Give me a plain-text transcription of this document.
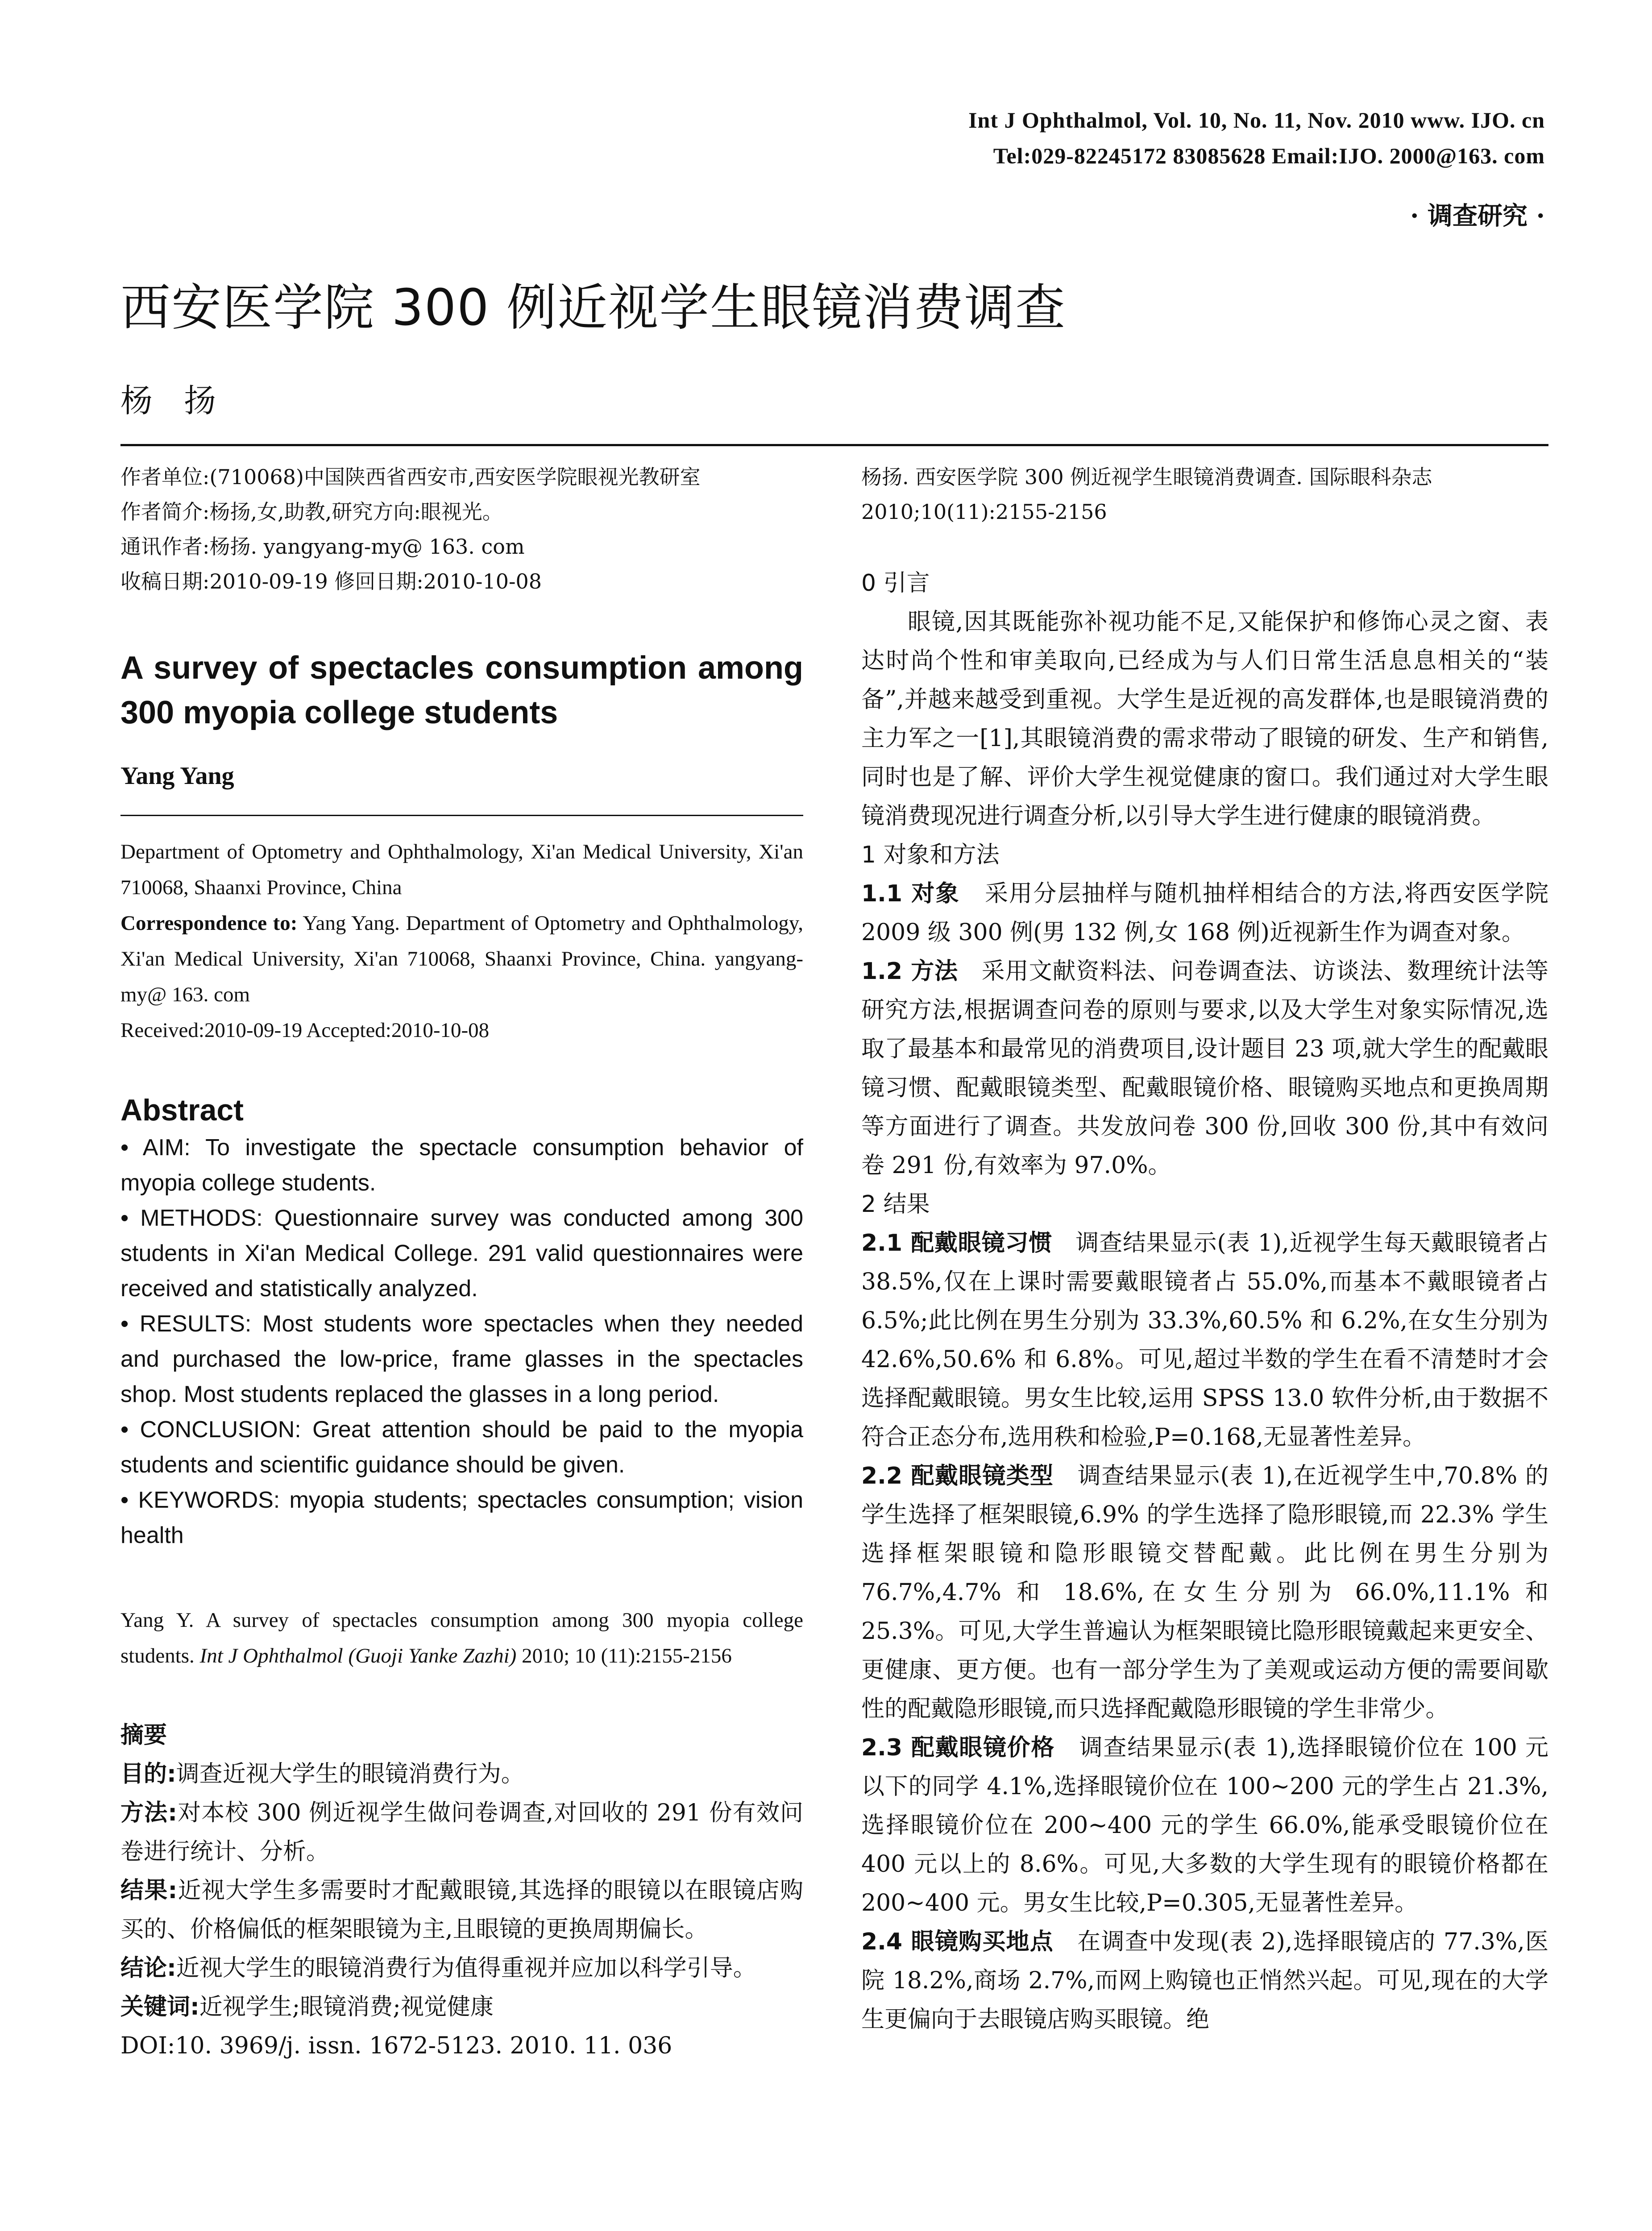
Int J Ophthalmol, Vol. 10, No. 11, Nov. 2010 www. IJO. cn
Tel:029-82245172 83085628 Email:IJO. 2000@163. com
· 调查研究 ·
西安医学院 300 例近视学生眼镜消费调查
杨扬

作者单位:(710068)中国陕西省西安市,西安医学院眼视光教研室

作者简介:杨扬,女,助教,研究方向:眼视光。

通讯作者:杨扬. yangyang-my@ 163. com

收稿日期:2010-09-19 修回日期:2010-10-08

A survey of spectacles consumption among 300 myopia college students
Yang Yang

Department of Optometry and Ophthalmology, Xi'an Medical University, Xi'an 710068, Shaanxi Province, China

Correspondence to: Yang Yang. Department of Optometry and Ophthalmology, Xi'an Medical University, Xi'an 710068, Shaanxi Province, China. yangyang-my@ 163. com

Received:2010-09-19 Accepted:2010-10-08

Abstract

• AIM: To investigate the spectacle consumption behavior of myopia college students.

• METHODS: Questionnaire survey was conducted among 300 students in Xi'an Medical College. 291 valid questionnaires were received and statistically analyzed.

• RESULTS: Most students wore spectacles when they needed and purchased the low-price, frame glasses in the spectacles shop. Most students replaced the glasses in a long period.

• CONCLUSION: Great attention should be paid to the myopia students and scientific guidance should be given.

• KEYWORDS: myopia students; spectacles consumption; vision health

Yang Y. A survey of spectacles consumption among 300 myopia college students. Int J Ophthalmol (Guoji Yanke Zazhi) 2010; 10 (11):2155-2156

摘要

目的:调查近视大学生的眼镜消费行为。

方法:对本校 300 例近视学生做问卷调查,对回收的 291 份有效问卷进行统计、分析。

结果:近视大学生多需要时才配戴眼镜,其选择的眼镜以在眼镜店购买的、价格偏低的框架眼镜为主,且眼镜的更换周期偏长。

结论:近视大学生的眼镜消费行为值得重视并应加以科学引导。

关键词:近视学生;眼镜消费;视觉健康

DOI:10. 3969/j. issn. 1672-5123. 2010. 11. 036

杨扬. 西安医学院 300 例近视学生眼镜消费调查. 国际眼科杂志 2010;10(11):2155-2156

0 引言

眼镜,因其既能弥补视功能不足,又能保护和修饰心灵之窗、表达时尚个性和审美取向,已经成为与人们日常生活息息相关的“装备”,并越来越受到重视。大学生是近视的高发群体,也是眼镜消费的主力军之一[1],其眼镜消费的需求带动了眼镜的研发、生产和销售,同时也是了解、评价大学生视觉健康的窗口。我们通过对大学生眼镜消费现况进行调查分析,以引导大学生进行健康的眼镜消费。

1 对象和方法

1.1 对象 采用分层抽样与随机抽样相结合的方法,将西安医学院 2009 级 300 例(男 132 例,女 168 例)近视新生作为调查对象。

1.2 方法 采用文献资料法、问卷调查法、访谈法、数理统计法等研究方法,根据调查问卷的原则与要求,以及大学生对象实际情况,选取了最基本和最常见的消费项目,设计题目 23 项,就大学生的配戴眼镜习惯、配戴眼镜类型、配戴眼镜价格、眼镜购买地点和更换周期等方面进行了调查。共发放问卷 300 份,回收 300 份,其中有效问卷 291 份,有效率为 97.0%。

2 结果

2.1 配戴眼镜习惯 调查结果显示(表 1),近视学生每天戴眼镜者占 38.5%,仅在上课时需要戴眼镜者占 55.0%,而基本不戴眼镜者占 6.5%;此比例在男生分别为 33.3%,60.5% 和 6.2%,在女生分别为 42.6%,50.6% 和 6.8%。可见,超过半数的学生在看不清楚时才会选择配戴眼镜。男女生比较,运用 SPSS 13.0 软件分析,由于数据不符合正态分布,选用秩和检验,P=0.168,无显著性差异。

2.2 配戴眼镜类型 调查结果显示(表 1),在近视学生中,70.8% 的学生选择了框架眼镜,6.9% 的学生选择了隐形眼镜,而 22.3% 学生选择框架眼镜和隐形眼镜交替配戴。此比例在男生分别为 76.7%,4.7% 和 18.6%,在女生分别为 66.0%,11.1% 和 25.3%。可见,大学生普遍认为框架眼镜比隐形眼镜戴起来更安全、更健康、更方便。也有一部分学生为了美观或运动方便的需要间歇性的配戴隐形眼镜,而只选择配戴隐形眼镜的学生非常少。

2.3 配戴眼镜价格 调查结果显示(表 1),选择眼镜价位在 100 元以下的同学 4.1%,选择眼镜价位在 100~200 元的学生占 21.3%,选择眼镜价位在 200~400 元的学生 66.0%,能承受眼镜价位在 400 元以上的 8.6%。可见,大多数的大学生现有的眼镜价格都在 200~400 元。男女生比较,P=0.305,无显著性差异。

2.4 眼镜购买地点 在调查中发现(表 2),选择眼镜店的 77.3%,医院 18.2%,商场 2.7%,而网上购镜也正悄然兴起。可见,现在的大学生更偏向于去眼镜店购买眼镜。绝
